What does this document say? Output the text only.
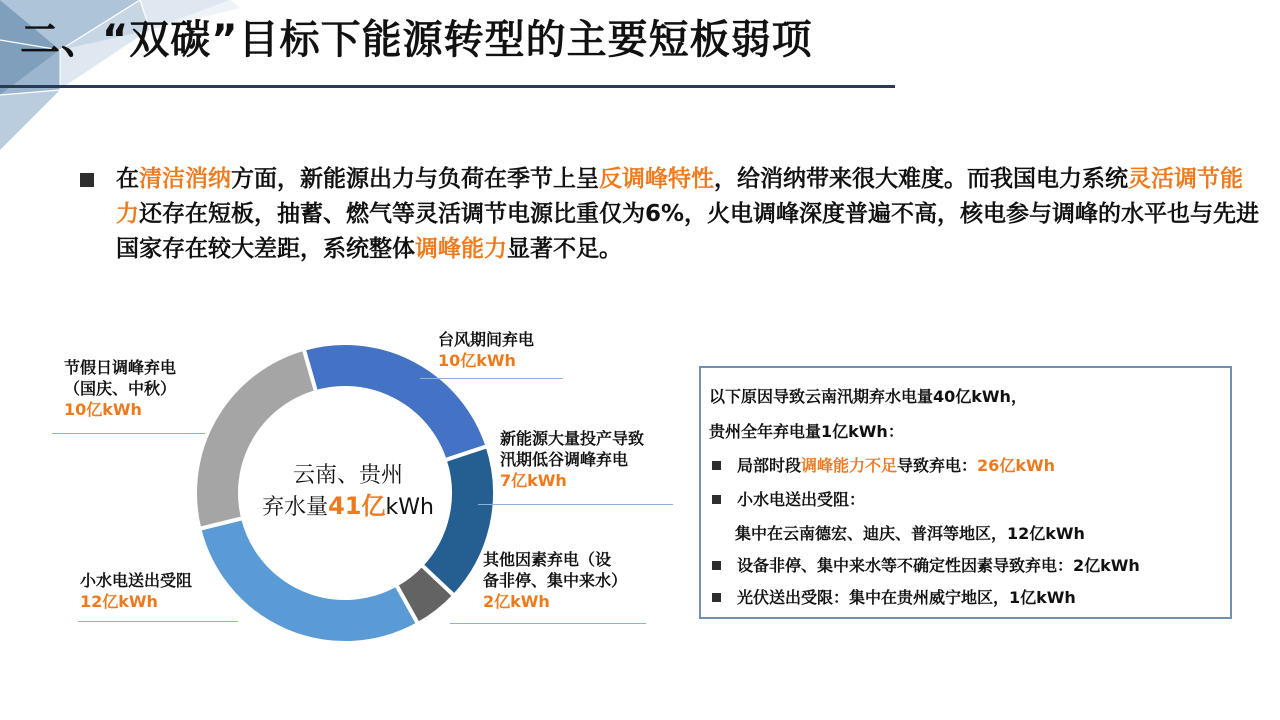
二、“双碳”目标下能源转型的主要短板弱项
在清洁消纳方面，新能源出力与负荷在季节上呈反调峰特性，给消纳带来很大难度。而我国电力系统灵活调节能力还存在短板，抽蓄、燃气等灵活调节电源比重仅为6%，火电调峰深度普遍不高，核电参与调峰的水平也与先进国家存在较大差距，系统整体调峰能力显著不足。
云南、贵州
弃水量41亿kWh
台风期间弃电
10亿kWh
新能源大量投产导致
汛期低谷调峰弃电
7亿kWh
其他因素弃电（设
备非停、集中来水）
2亿kWh
小水电送出受阻
12亿kWh
节假日调峰弃电
（国庆、中秋）
10亿kWh
以下原因导致云南汛期弃水电量40亿kWh，
贵州全年弃电量1亿kWh：
局部时段调峰能力不足导致弃电：26亿kWh
小水电送出受阻：
集中在云南德宏、迪庆、普洱等地区，12亿kWh
设备非停、集中来水等不确定性因素导致弃电：2亿kWh
光伏送出受限：集中在贵州威宁地区，1亿kWh
